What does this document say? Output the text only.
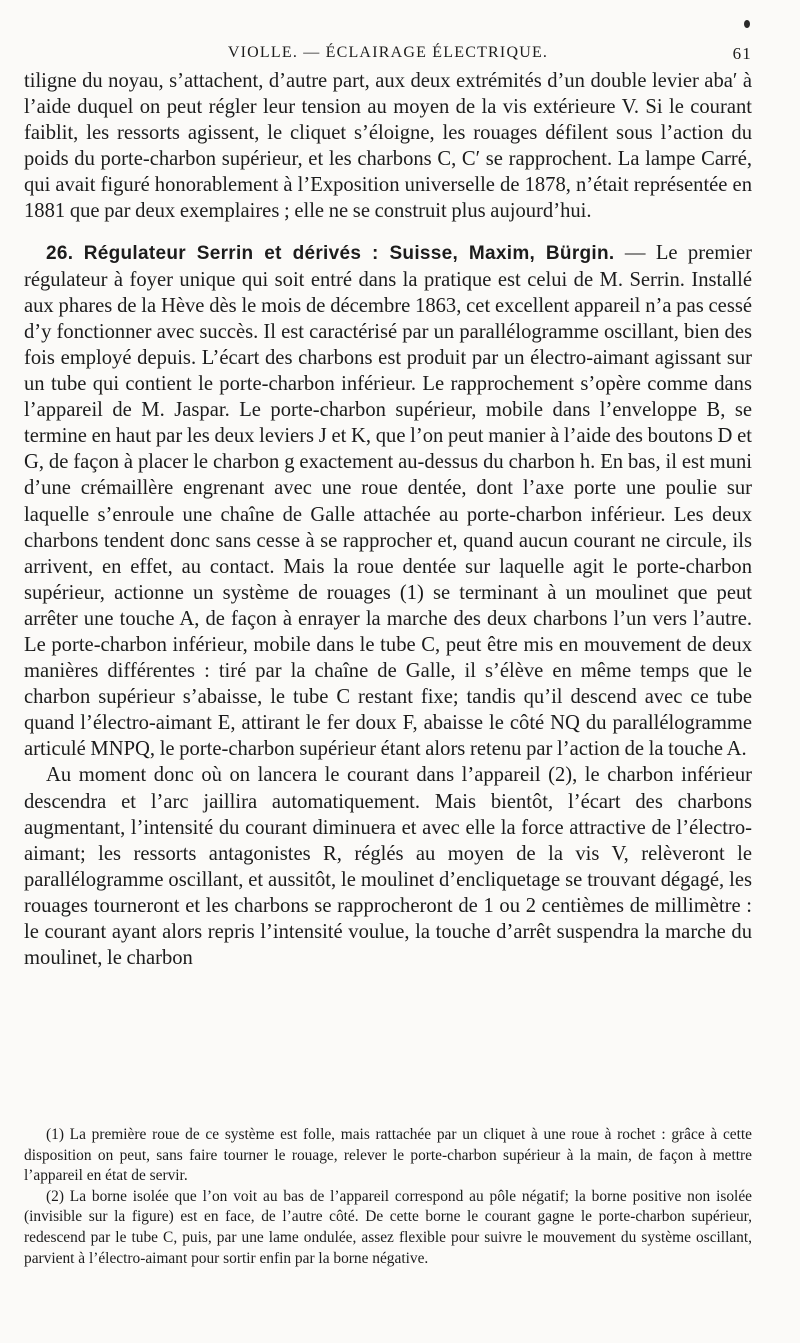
VIOLLE. — ÉCLAIRAGE ÉLECTRIQUE.	61

tiligne du noyau, s’attachent, d’autre part, aux deux extrémités d’un double levier aba′ à l’aide duquel on peut régler leur tension au moyen de la vis extérieure V. Si le courant faiblit, les ressorts agissent, le cliquet s’éloigne, les rouages défilent sous l’action du poids du porte-charbon supérieur, et les charbons C, C′ se rapprochent. La lampe Carré, qui avait figuré honorablement à l’Exposition universelle de 1878, n’était représentée en 1881 que par deux exemplaires ; elle ne se construit plus aujourd’hui.

26. Régulateur Serrin et dérivés : Suisse, Maxim, Bürgin. — Le premier régulateur à foyer unique qui soit entré dans la pratique est celui de M. Serrin. Installé aux phares de la Hève dès le mois de décembre 1863, cet excellent appareil n’a pas cessé d’y fonctionner avec succès. Il est caractérisé par un parallélogramme oscillant, bien des fois employé depuis. L’écart des charbons est produit par un électro-aimant agissant sur un tube qui contient le porte-charbon inférieur. Le rapprochement s’opère comme dans l’appareil de M. Jaspar. Le porte-charbon supérieur, mobile dans l’enveloppe B, se termine en haut par les deux leviers J et K, que l’on peut manier à l’aide des boutons D et G, de façon à placer le charbon g exactement au-dessus du charbon h. En bas, il est muni d’une crémaillère engrenant avec une roue dentée, dont l’axe porte une poulie sur laquelle s’enroule une chaîne de Galle attachée au porte-charbon inférieur. Les deux charbons tendent donc sans cesse à se rapprocher et, quand aucun courant ne circule, ils arrivent, en effet, au contact. Mais la roue dentée sur laquelle agit le porte-charbon supérieur, actionne un système de rouages (1) se terminant à un moulinet que peut arrêter une touche A, de façon à enrayer la marche des deux charbons l’un vers l’autre. Le porte-charbon inférieur, mobile dans le tube C, peut être mis en mouvement de deux manières différentes : tiré par la chaîne de Galle, il s’élève en même temps que le charbon supérieur s’abaisse, le tube C restant fixe; tandis qu’il descend avec ce tube quand l’électro-aimant E, attirant le fer doux F, abaisse le côté NQ du parallélogramme articulé MNPQ, le porte-charbon supérieur étant alors retenu par l’action de la touche A.

Au moment donc où on lancera le courant dans l’appareil (2), le charbon inférieur descendra et l’arc jaillira automatiquement. Mais bientôt, l’écart des charbons augmentant, l’intensité du courant diminuera et avec elle la force attractive de l’électro-aimant; les ressorts antagonistes R, réglés au moyen de la vis V, relèveront le parallélogramme oscillant, et aussitôt, le moulinet d’encliquetage se trouvant dégagé, les rouages tourneront et les charbons se rapprocheront de 1 ou 2 centièmes de millimètre : le courant ayant alors repris l’intensité voulue, la touche d’arrêt suspendra la marche du moulinet, le charbon

(1) La première roue de ce système est folle, mais rattachée par un cliquet à une roue à rochet : grâce à cette disposition on peut, sans faire tourner le rouage, relever le porte-charbon supérieur à la main, de façon à mettre l’appareil en état de servir.

(2) La borne isolée que l’on voit au bas de l’appareil correspond au pôle négatif; la borne positive non isolée (invisible sur la figure) est en face, de l’autre côté. De cette borne le courant gagne le porte-charbon supérieur, redescend par le tube C, puis, par une lame ondulée, assez flexible pour suivre le mouvement du système oscillant, parvient à l’électro-aimant pour sortir enfin par la borne négative.
